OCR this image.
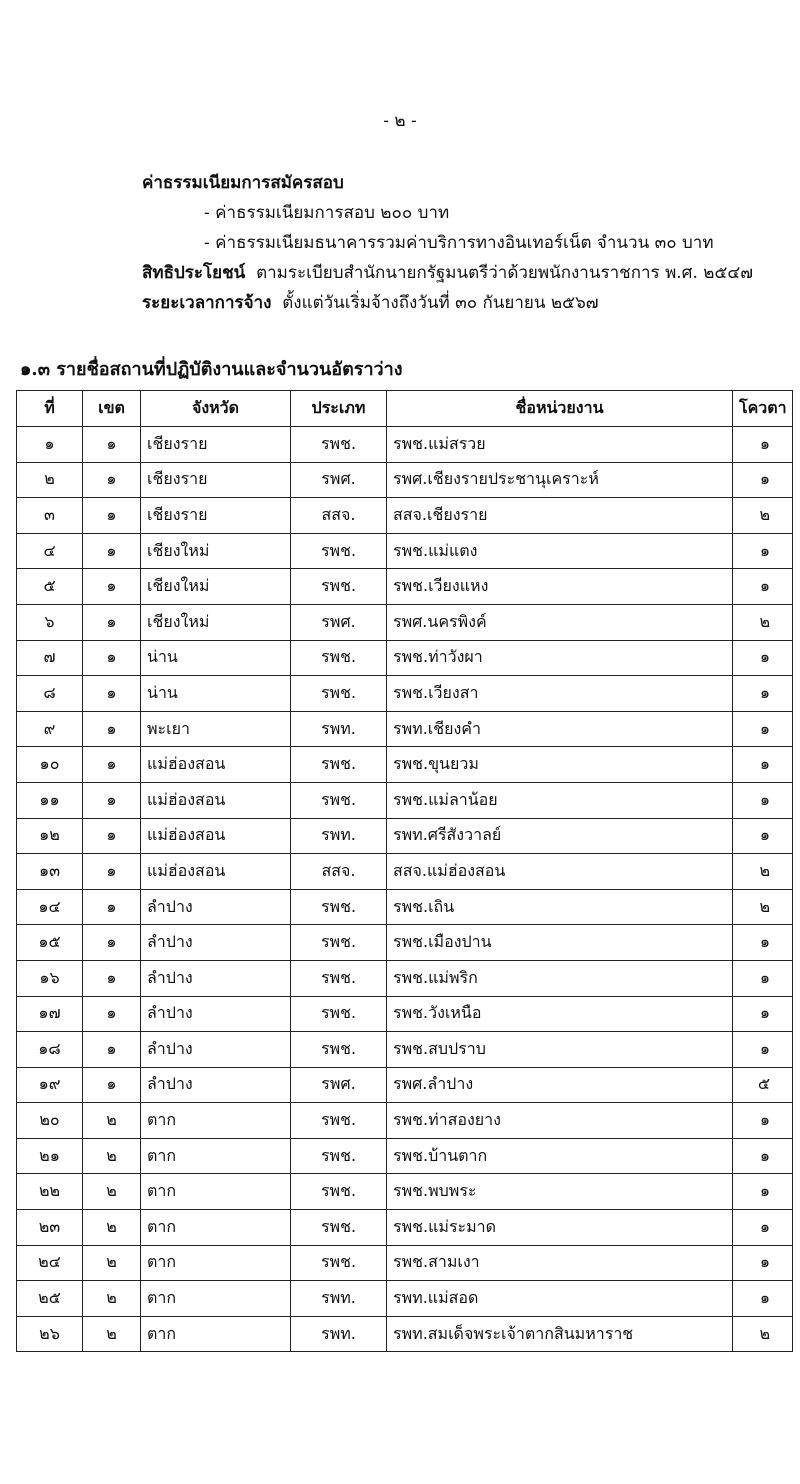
- ๒ -
ค่าธรรมเนียมการสมัครสอบ
- ค่าธรรมเนียมการสอบ ๒๐๐ บาท
- ค่าธรรมเนียมธนาคารรวมค่าบริการทางอินเทอร์เน็ต จำนวน ๓๐ บาท
สิทธิประโยชน์ ตามระเบียบสำนักนายกรัฐมนตรีว่าด้วยพนักงานราชการ พ.ศ. ๒๕๔๗
ระยะเวลาการจ้าง ตั้งแต่วันเริ่มจ้างถึงวันที่ ๓๐ กันยายน ๒๕๖๗
๑.๓ รายชื่อสถานที่ปฏิบัติงานและจำนวนอัตราว่าง
ที่	เขต	จังหวัด	ประเภท	ชื่อหน่วยงาน	โควตา
๑	๑	เชียงราย	รพช.	รพช.แม่สรวย	๑
๒	๑	เชียงราย	รพศ.	รพศ.เชียงรายประชานุเคราะห์	๑
๓	๑	เชียงราย	สสจ.	สสจ.เชียงราย	๒
๔	๑	เชียงใหม่	รพช.	รพช.แม่แตง	๑
๕	๑	เชียงใหม่	รพช.	รพช.เวียงแหง	๑
๖	๑	เชียงใหม่	รพศ.	รพศ.นครพิงค์	๒
๗	๑	น่าน	รพช.	รพช.ท่าวังผา	๑
๘	๑	น่าน	รพช.	รพช.เวียงสา	๑
๙	๑	พะเยา	รพท.	รพท.เชียงคำ	๑
๑๐	๑	แม่ฮ่องสอน	รพช.	รพช.ขุนยวม	๑
๑๑	๑	แม่ฮ่องสอน	รพช.	รพช.แม่ลาน้อย	๑
๑๒	๑	แม่ฮ่องสอน	รพท.	รพท.ศรีสังวาลย์	๑
๑๓	๑	แม่ฮ่องสอน	สสจ.	สสจ.แม่ฮ่องสอน	๒
๑๔	๑	ลำปาง	รพช.	รพช.เถิน	๒
๑๕	๑	ลำปาง	รพช.	รพช.เมืองปาน	๑
๑๖	๑	ลำปาง	รพช.	รพช.แม่พริก	๑
๑๗	๑	ลำปาง	รพช.	รพช.วังเหนือ	๑
๑๘	๑	ลำปาง	รพช.	รพช.สบปราบ	๑
๑๙	๑	ลำปาง	รพศ.	รพศ.ลำปาง	๕
๒๐	๒	ตาก	รพช.	รพช.ท่าสองยาง	๑
๒๑	๒	ตาก	รพช.	รพช.บ้านตาก	๑
๒๒	๒	ตาก	รพช.	รพช.พบพระ	๑
๒๓	๒	ตาก	รพช.	รพช.แม่ระมาด	๑
๒๔	๒	ตาก	รพช.	รพช.สามเงา	๑
๒๕	๒	ตาก	รพท.	รพท.แม่สอด	๑
๒๖	๒	ตาก	รพท.	รพท.สมเด็จพระเจ้าตากสินมหาราช	๒
